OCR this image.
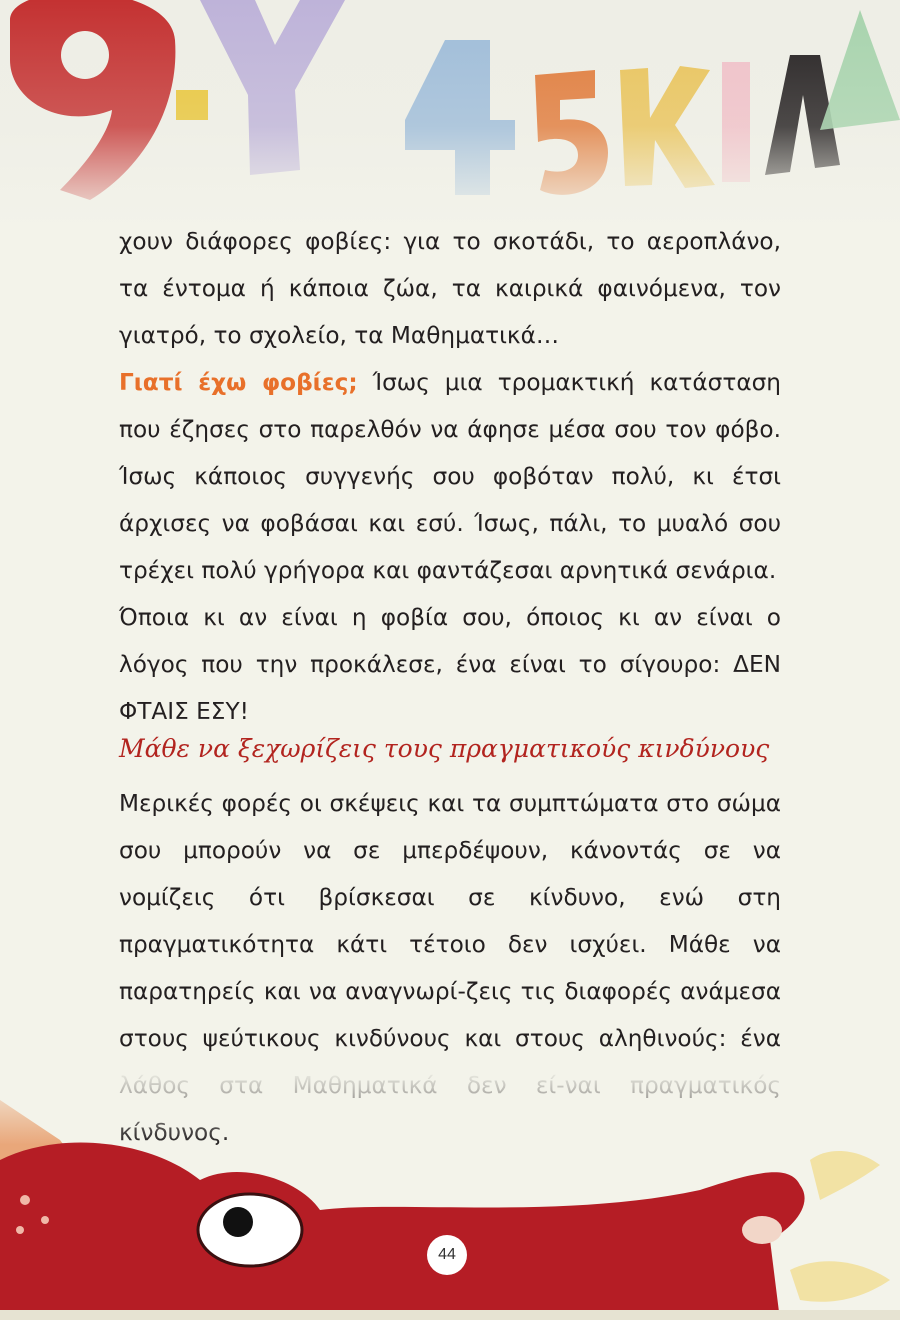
χουν διάφορες φοβίες: για το σκοτάδι, το αεροπλάνο, τα έντομα ή κάποια ζώα, τα καιρικά φαινόμενα, τον γιατρό, το σχολείο, τα Μαθηματικά…

Γιατί έχω φοβίες; Ίσως μια τρομακτική κατάσταση που έζησες στο παρελθόν να άφησε μέσα σου τον φόβο. Ίσως κάποιος συγγενής σου φοβόταν πολύ, κι έτσι άρχισες να φοβάσαι και εσύ. Ίσως, πάλι, το μυαλό σου τρέχει πολύ γρήγορα και φαντάζεσαι αρνητικά σενάρια.

Όποια κι αν είναι η φοβία σου, όποιος κι αν είναι ο λόγος που την προκάλεσε, ένα είναι το σίγουρο: ΔΕΝ ΦΤΑΙΣ ΕΣΥ!

Μάθε να ξεχωρίζεις τους πραγματικούς κινδύνους

Μερικές φορές οι σκέψεις και τα συμπτώματα στο σώμα σου μπορούν να σε μπερδέψουν, κάνοντάς σε να νομίζεις ότι βρίσκεσαι σε κίνδυνο, ενώ στη πραγματικότητα κάτι τέτοιο δεν ισχύει. Μάθε να παρατηρείς και να αναγνωρί-ζεις τις διαφορές ανάμεσα στους ψεύτικους κινδύνους και στους αληθινούς: ένα

44
